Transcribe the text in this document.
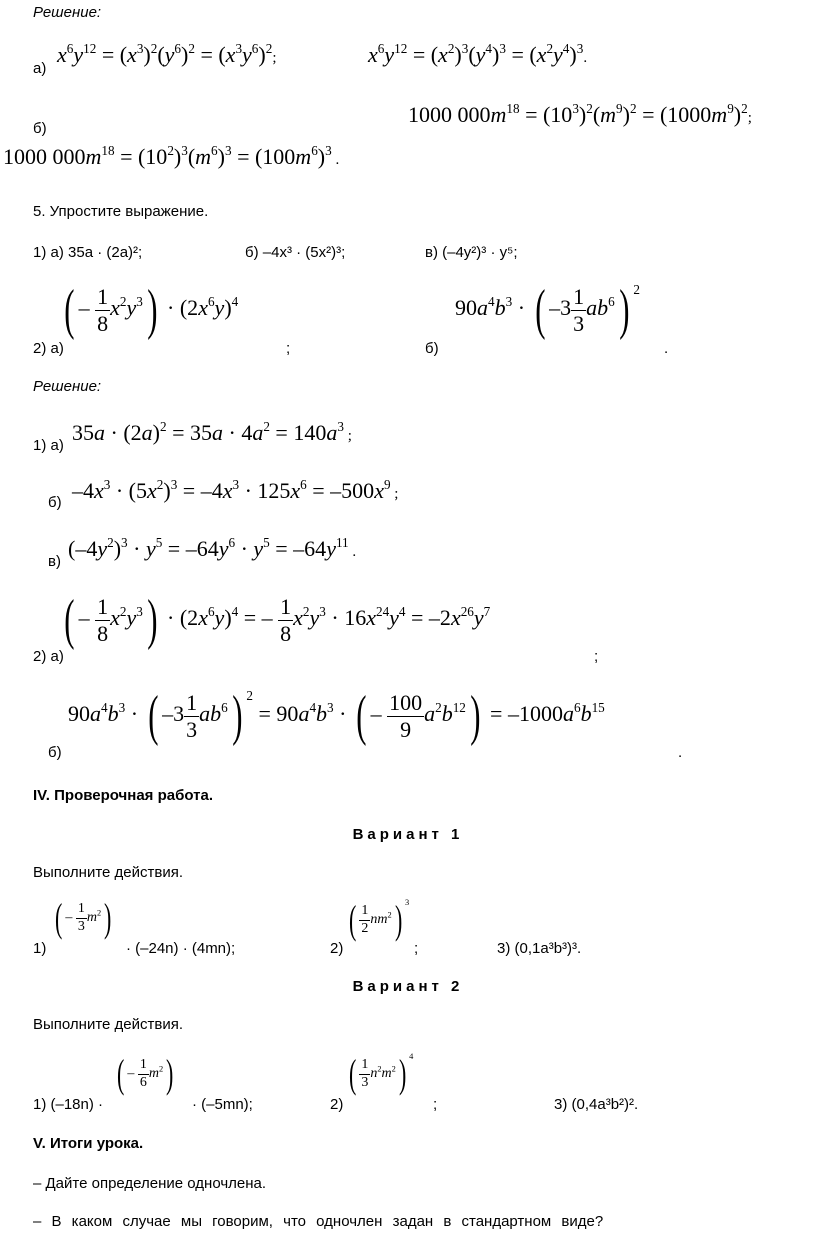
Решение:
а)
$x^6y^{12} = (x^3)^2(y^6)^2 = (x^3y^6)^2$;	$x^6y^{12} = (x^2)^3(y^4)^3 = (x^2y^4)^3$.
б)
1000 $000m^{18} = (10^3)^2(m^9)^2 = (1000m^9)^2$;
1000 $000m^{18} = (10^2)^3(m^6)^3 = (100m^6)^3$ .
5. Упростите выражение.
1) а) 35a · (2a)²;	б) –4x³ · (5x²)³;	в) (–4y²)³ · y⁵;
2) а)
( – $\frac{1}{8} x^2y^3) \cdot (2x^6y)^4$
;	б)
$90a^4b^3$ · ( $-3 \frac{1}{3} ab^6$) $^2$
.
Решение:
1) а)
$35a \cdot (2a)^2 = 35a \cdot 4a^2 = 140a^3$ ;
б) $-4x^3 \cdot (5x^2)^3 = -4x^3 \cdot 125x^6 = -500x^9$ ;
в)
$(-4y^2)^3 \cdot y^5 = -64y^6 \cdot y^5 = -64y^{11}$ .
2) а)
( – $\frac{1}{8} x^2y^3) \cdot (2x^6y)^4$ = – $\frac{1}{8} x^2y^3 \cdot 16x^{24}y^4 = -2x^{26}y^7$
;
б)
$90a^4b^3$ · ( $-3 \frac{1}{3} ab^6$) $^2 = 90a^4b^3$ · ( – $\frac{100}{9} a^2b^{12}) = -1000a^6b^{15}$
.
IV. Проверочная работа.
Вариант 1
Выполните действия.
1)
( – $\frac{1}{3} m^2$)
· (–24n) · (4mn);	2)
( $\frac{1}{2} nm^2$) $^3$
;	3) (0,1a³b³)³.
Вариант 2
Выполните действия.
1) (–18n) ·
( – $\frac{1}{6} m^2$)
· (–5mn);	2)
( $\frac{1}{3} n^2m^2$) $^4$
;	3) (0,4a³b²)².
V. Итоги урока.
– Дайте определение одночлена.
– В каком случае мы говорим, что одночлен задан в стандартном виде?
